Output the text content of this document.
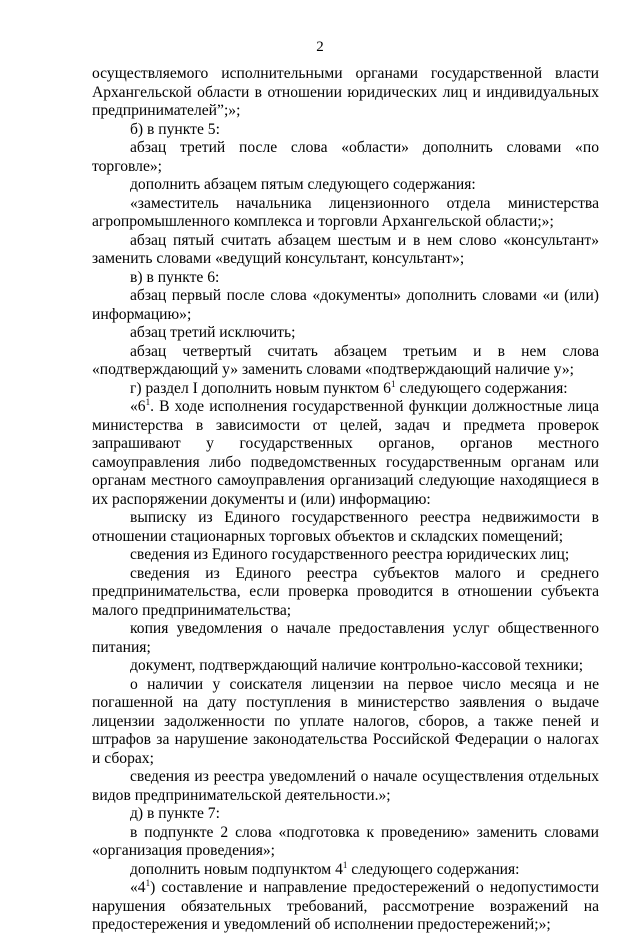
2

осуществляемого исполнительными органами государственной власти Архангельской области в отношении юридических лиц и индивидуальных предпринимателей”;»;

б) в пункте 5:

абзац третий после слова «области» дополнить словами «по торговле»;

дополнить абзацем пятым следующего содержания:

«заместитель начальника лицензионного отдела министерства агропромышленного комплекса и торговли Архангельской области;»;

абзац пятый считать абзацем шестым и в нем слово «консультант» заменить словами «ведущий консультант, консультант»;

в) в пункте 6:

абзац первый после слова «документы» дополнить словами «и (или) информацию»;

абзац третий исключить;

абзац четвертый считать абзацем третьим и в нем слова «подтверждающий у» заменить словами «подтверждающий наличие у»;

г) раздел I дополнить новым пунктом $6^1$ следующего содержания:

«$6^1$. В ходе исполнения государственной функции должностные лица министерства в зависимости от целей, задач и предмета проверок запрашивают у государственных органов, органов местного самоуправления либо подведомственных государственным органам или органам местного самоуправления организаций следующие находящиеся в их распоряжении документы и (или) информацию:

выписку из Единого государственного реестра недвижимости в отношении стационарных торговых объектов и складских помещений;

сведения из Единого государственного реестра юридических лиц;

сведения из Единого реестра субъектов малого и среднего предпринимательства, если проверка проводится в отношении субъекта малого предпринимательства;

копия уведомления о начале предоставления услуг общественного питания;

документ, подтверждающий наличие контрольно-кассовой техники;

о наличии у соискателя лицензии на первое число месяца и не погашенной на дату поступления в министерство заявления о выдаче лицензии задолженности по уплате налогов, сборов, а также пеней и штрафов за нарушение законодательства Российской Федерации о налогах и сборах;

сведения из реестра уведомлений о начале осуществления отдельных видов предпринимательской деятельности.»;

д) в пункте 7:

в подпункте 2 слова «подготовка к проведению» заменить словами «организация проведения»;

дополнить новым подпунктом $4^1$ следующего содержания:

«$4^1$) составление и направление предостережений о недопустимости нарушения обязательных требований, рассмотрение возражений на предостережения и уведомлений об исполнении предостережений;»;
